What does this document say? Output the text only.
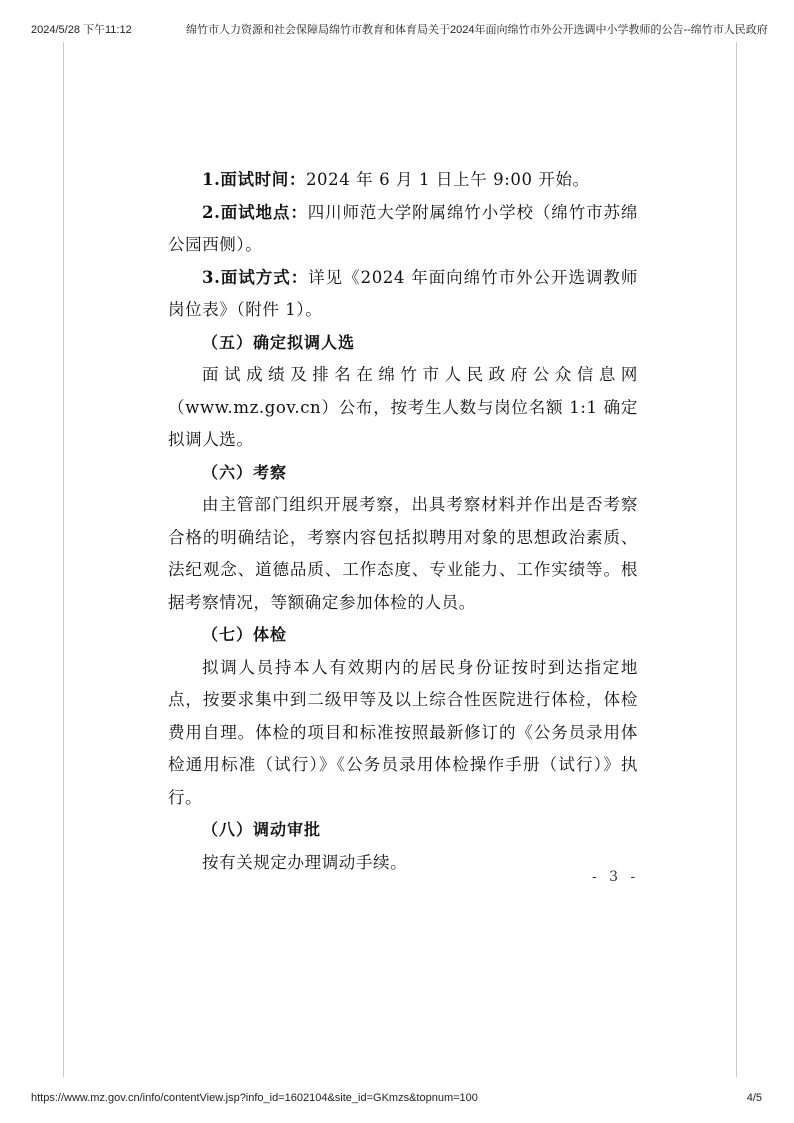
2024/5/28 下午11:12	绵竹市人力资源和社会保障局绵竹市教育和体育局关于2024年面向绵竹市外公开选调中小学教师的公告--绵竹市人民政府

1.面试时间：2024 年 6 月 1 日上午 9:00 开始。

2.面试地点：四川师范大学附属绵竹小学校（绵竹市苏绵公园西侧）。

3.面试方式：详见《2024 年面向绵竹市外公开选调教师岗位表》（附件 1）。

（五）确定拟调人选

面试成绩及排名在绵竹市人民政府公众信息网（www.mz.gov.cn）公布，按考生人数与岗位名额 1:1 确定拟调人选。

（六）考察

由主管部门组织开展考察，出具考察材料并作出是否考察合格的明确结论，考察内容包括拟聘用对象的思想政治素质、法纪观念、道德品质、工作态度、专业能力、工作实绩等。根据考察情况，等额确定参加体检的人员。

（七）体检

拟调人员持本人有效期内的居民身份证按时到达指定地点，按要求集中到二级甲等及以上综合性医院进行体检，体检费用自理。体检的项目和标准按照最新修订的《公务员录用体检通用标准（试行）》《公务员录用体检操作手册（试行）》执行。

（八）调动审批

按有关规定办理调动手续。

- 3 -
https://www.mz.gov.cn/info/contentView.jsp?info_id=1602104&site_id=GKmzs&topnum=100	4/5
